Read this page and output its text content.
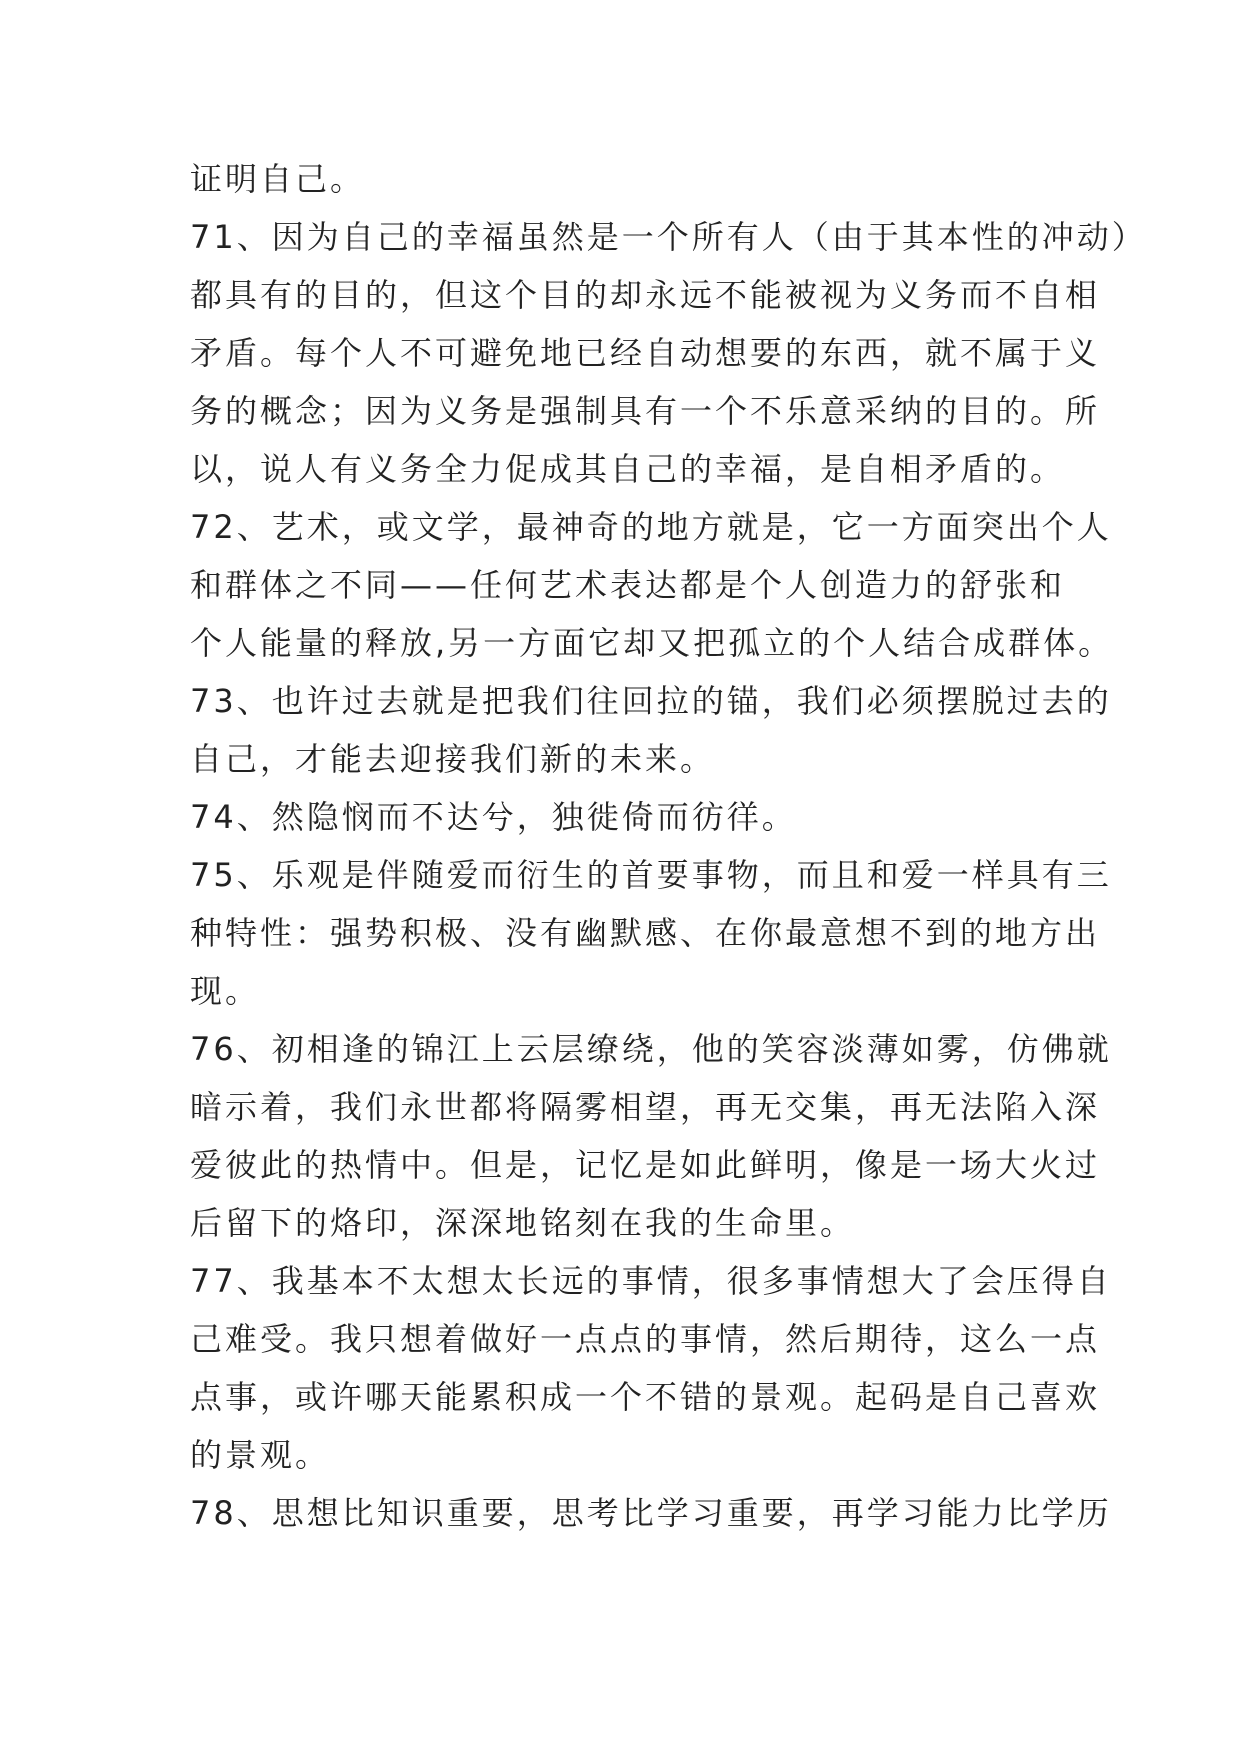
证明自己。

71、因为自己的幸福虽然是一个所有人（由于其本性的冲动）

都具有的目的，但这个目的却永远不能被视为义务而不自相

矛盾。每个人不可避免地已经自动想要的东西，就不属于义

务的概念；因为义务是强制具有一个不乐意采纳的目的。所

以，说人有义务全力促成其自己的幸福，是自相矛盾的。

72、艺术，或文学，最神奇的地方就是，它一方面突出个人

和群体之不同——任何艺术表达都是个人创造力的舒张和

个人能量的释放,另一方面它却又把孤立的个人结合成群体。

73、也许过去就是把我们往回拉的锚，我们必须摆脱过去的

自己，才能去迎接我们新的未来。

74、然隐悯而不达兮，独徙倚而彷徉。

75、乐观是伴随爱而衍生的首要事物，而且和爱一样具有三

种特性：强势积极、没有幽默感、在你最意想不到的地方出

现。

76、初相逢的锦江上云层缭绕，他的笑容淡薄如雾，仿佛就

暗示着，我们永世都将隔雾相望，再无交集，再无法陷入深

爱彼此的热情中。但是，记忆是如此鲜明，像是一场大火过

后留下的烙印，深深地铭刻在我的生命里。

77、我基本不太想太长远的事情，很多事情想大了会压得自

己难受。我只想着做好一点点的事情，然后期待，这么一点

点事，或许哪天能累积成一个不错的景观。起码是自己喜欢

的景观。

78、思想比知识重要，思考比学习重要，再学习能力比学历
